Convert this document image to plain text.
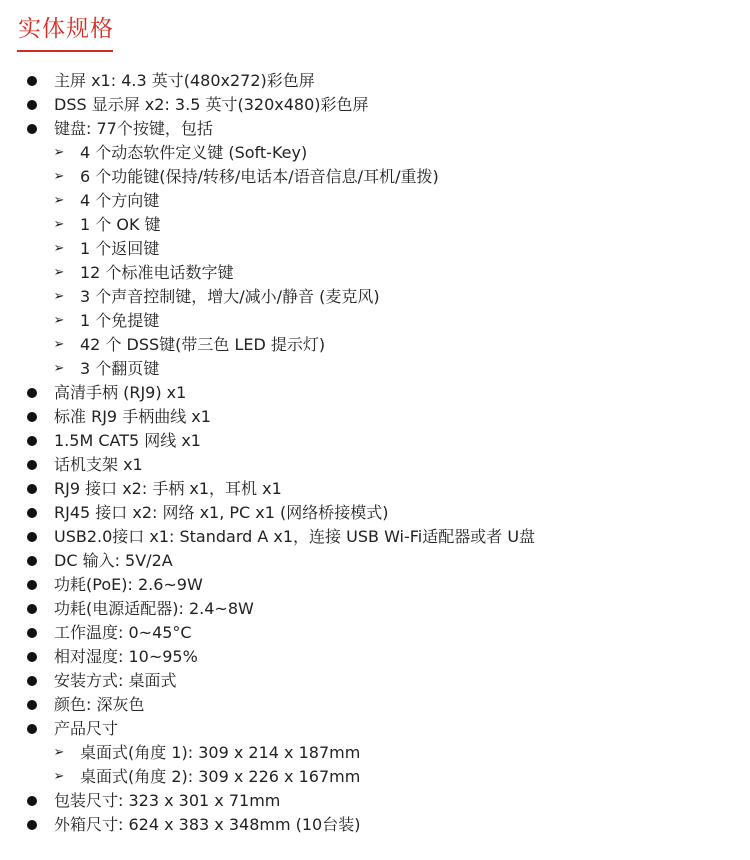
实体规格
主屏 x1: 4.3 英寸(480x272)彩色屏
DSS 显示屏 x2: 3.5 英寸(320x480)彩色屏
键盘: 77个按键，包括
➢ 4 个动态软件定义键 (Soft-Key)
➢ 6 个功能键(保持/转移/电话本/语音信息/耳机/重拨)
➢ 4 个方向键
➢ 1 个 OK 键
➢ 1 个返回键
➢ 12 个标准电话数字键
➢ 3 个声音控制键，增大/减小/静音 (麦克风)
➢ 1 个免提键
➢ 42 个 DSS键(带三色 LED 提示灯)
➢ 3 个翻页键
高清手柄 (RJ9) x1
标准 RJ9 手柄曲线 x1
1.5M CAT5 网线 x1
话机支架 x1
RJ9 接口 x2: 手柄 x1，耳机 x1
RJ45 接口 x2: 网络 x1, PC x1 (网络桥接模式)
USB2.0接口 x1: Standard A x1，连接 USB Wi-Fi适配器或者 U盘
DC 输入: 5V/2A
功耗(PoE): 2.6~9W
功耗(电源适配器): 2.4~8W
工作温度: 0~45°C
相对湿度: 10~95%
安装方式: 桌面式
颜色: 深灰色
产品尺寸
➢ 桌面式(角度 1): 309 x 214 x 187mm
➢ 桌面式(角度 2): 309 x 226 x 167mm
包装尺寸: 323 x 301 x 71mm
外箱尺寸: 624 x 383 x 348mm (10台装)
